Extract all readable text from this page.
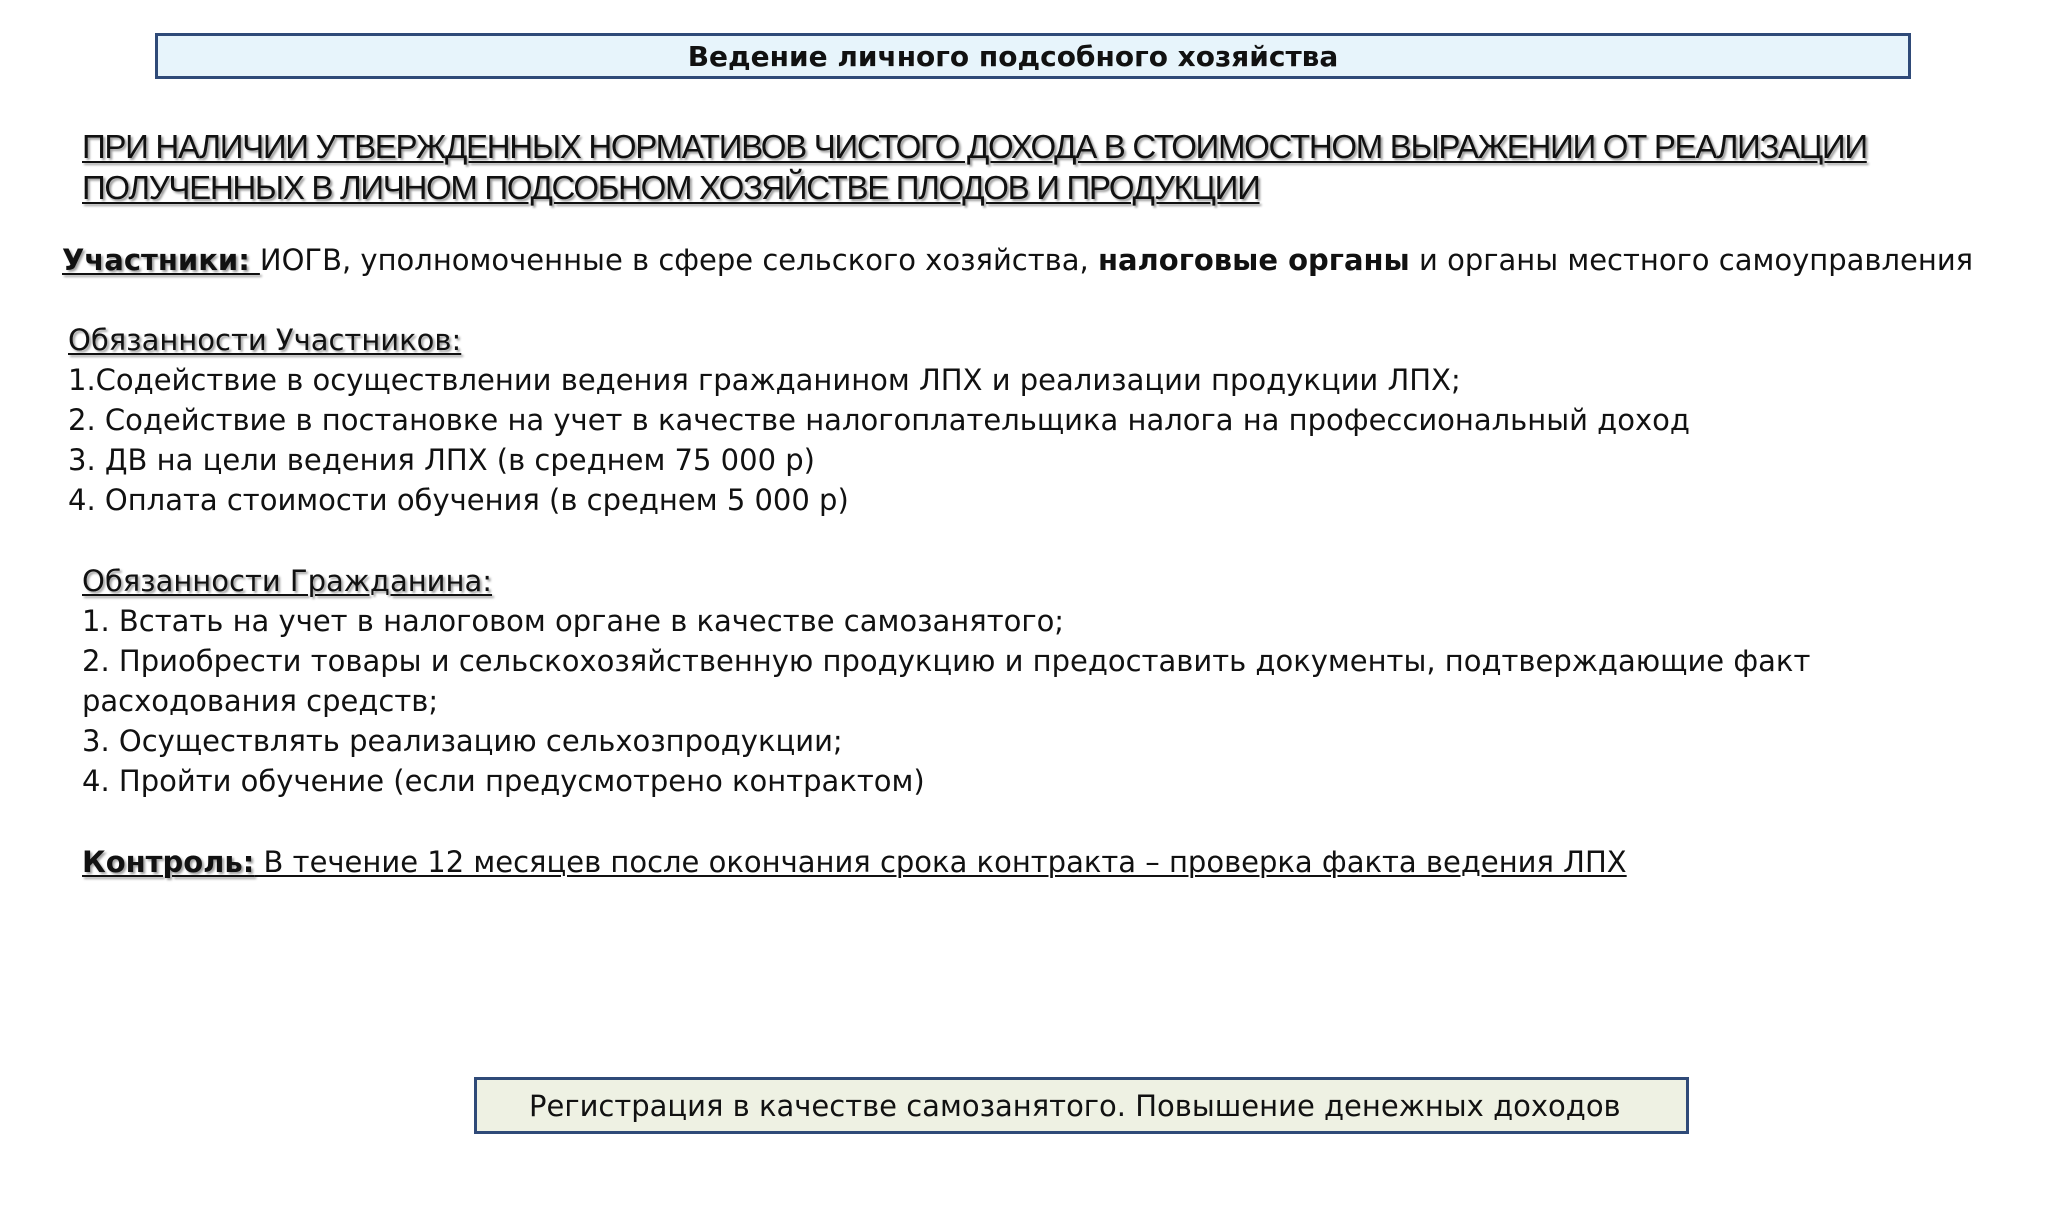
Ведение личного подсобного хозяйства
ПРИ НАЛИЧИИ УТВЕРЖДЕННЫХ НОРМАТИВОВ ЧИСТОГО ДОХОДА В СТОИМОСТНОМ ВЫРАЖЕНИИ ОТ РЕАЛИЗАЦИИ
ПОЛУЧЕННЫХ В ЛИЧНОМ ПОДСОБНОМ ХОЗЯЙСТВЕ ПЛОДОВ И ПРОДУКЦИИ
Участники: ИОГВ, уполномоченные в сфере сельского хозяйства, налоговые органы и органы местного самоуправления
Обязанности Участников:
1.Содействие в осуществлении ведения гражданином ЛПХ и реализации продукции ЛПХ;
2. Содействие в постановке на учет в качестве налогоплательщика налога на профессиональный доход
3. ДВ на цели ведения ЛПХ (в среднем 75 000 р)
4. Оплата стоимости обучения (в среднем 5 000 р)
Обязанности Гражданина:
1. Встать на учет в налоговом органе в качестве самозанятого;
2. Приобрести товары и сельскохозяйственную продукцию и предоставить документы, подтверждающие факт
расходования средств;
3. Осуществлять реализацию сельхозпродукции;
4. Пройти обучение (если предусмотрено контрактом)
Контроль: В течение 12 месяцев после окончания срока контракта – проверка факта ведения ЛПХ
Регистрация в качестве самозанятого. Повышение денежных доходов
